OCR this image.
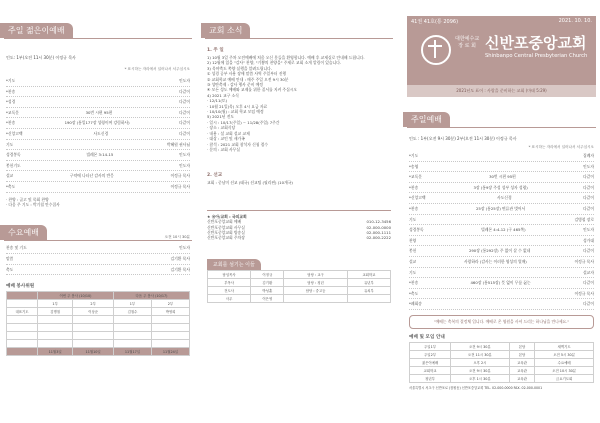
주일 젊은이예배
인도: 1부(오전 11시 30분) 이정규 목사
* 표시하는 자리에서 일어나서 서주십시오
*기도	인도자
*찬송	다같이
*성경	다같이
*교독문	30번 시편 95편	다같이
*찬송	190장 (통일177장 성령이여 강림하사)	다같이
*신앙고백	사도신경	다같이
기도	박혜원 권사님
성경봉독	빌레몬 3:14-15	인도자
봉헌기도	인도자
설교	구약에 나타난 감사의 반응	이정규 목사
*축도	이정규 목사
· 찬양 : 골고 및 목회 찬양
· 다음 주 기도 : 박기철 안수집사
수요예배	오전 10시 30분
찬송 및 기도	인도자
말씀	김기환 목사
축도	김기환 목사
예배 봉사위원
	이번 주 봉사 (10/10)		다음 주 봉사 (10/17)	
	1부	2부	1부	2부
대표기도	김병철	이상준	김철수	박영희

	11월3일	11월10일	11월17일	11월24일
교회 소식
1. 주 일
1) 10월 3일 주차 오전예배에 처음 오신 분들을 환영합니다. 예배 후 교제실로 안내해 드립니다.
2) 12월에 있을 "감사" 찬양, "기쁨의 찬양을" 주제로 교회 소개 알림이 있습니다.
3) 목야축도 쪽양 실행을 알려드립니다.
① 성경 공부 사용 장애 말씀 사역 주일부터 진행
② 교회학교 예배 안내 : 매주 주일 오전 9시 30분
③ 성탄축제 : 감사 행사 준비 예정
④ 모든 성도 예배와 교제를 위한 질서를 지켜 주십시오
4) 2021 교구 소식
· 12/11(토)
· 10월 21일(목) 오후 4시 요금 자료
· 10/10(월) : 교회 학교 모임 예정
5) 2021년 전도
· 일시 : 10/17(주일) ~ 11/28(주일) 7주간
· 장소 : 교회식당
· 내용 : 설 교회 설교 교제
· 대상 : 교인 및 새가족
· 참석 : 2021 교회 참석자 신청 접수
· 문의 : 교회 사무실
2. 선교
교회 : 중남미 선교 (태국) 선교팀 (필리핀) (10개국)
★ 유아/교회 : 국외교회
신반포중앙교회 예배	010-12-3456
신반포중앙교회 사무실	02-000-0000
신반포중앙교회 방송실	02-000-1111
신반포중앙교회 주차장	02-000-2222
교회를 섬기는 이들
담임목사	이정규	담당 : 교구	교회학교
부목사	김기환	담당 : 청년	유년부
전도사	박성훈	담당 : 중고등	유치부
사무	이은영		
41권 41호(통 2096)	2021. 10. 10.
대한예수교
장 로 회 신반포중앙교회
Shinbanpo Central Presbyterian Church
2021년도 표어 : 사랑을 준비하는 교회 (마태 5:29)
주일예배
인도 : 1부(오전 9시 30분) 2부(오전 11시 30분) 이정규 목사
* 표시하는 자리에서 일어나서 서주십시오
*기도	집례자
*송영	인도자
*교독문	30번 시편 95편	다같이
*찬송	3장 (통9장 주성 성부 성자 성령)	다같이
*신앙고백	사도신경	다같이
*찬송	25장 (통25장) 면류관 벗어서	다같이
기도	김병철 장로
성경봉독	빌레몬 4:4-12 (구 465쪽)	인도자
찬양	성가대
봉헌	290장 (통292장) 주 없이 살 수 없네	다같이
설교	사랑하라 (감사는 이러한 영성의 열매)	이정규 목사
기도	설교자
*찬송	460장 (통515장) 뜻 없이 무릎 꿇는	다같이
*축도	이정규 목사
*폐회송	다같이
"예배는 축복의 결정체 입니다. 예배로 온 영원을 사셔 드리는 하나님을 만나세요."
예배 및 모임 안내
주일1부	오전 9시 30분	본당	새벽기도
주일2부	오전 11시 30분	본당	오전 5시 30분
젊은이예배	오후 2시	교육관	수요예배
교회학교	오전 9시 30분	교육관	오전 10시 30분
청년부	오후 1시 30분	교육관	금요기도회
서울특별시 서초구 신반포로 (잠원동) 신반포중앙교회 TEL. 02-000-0000 FAX. 02-000-0001
